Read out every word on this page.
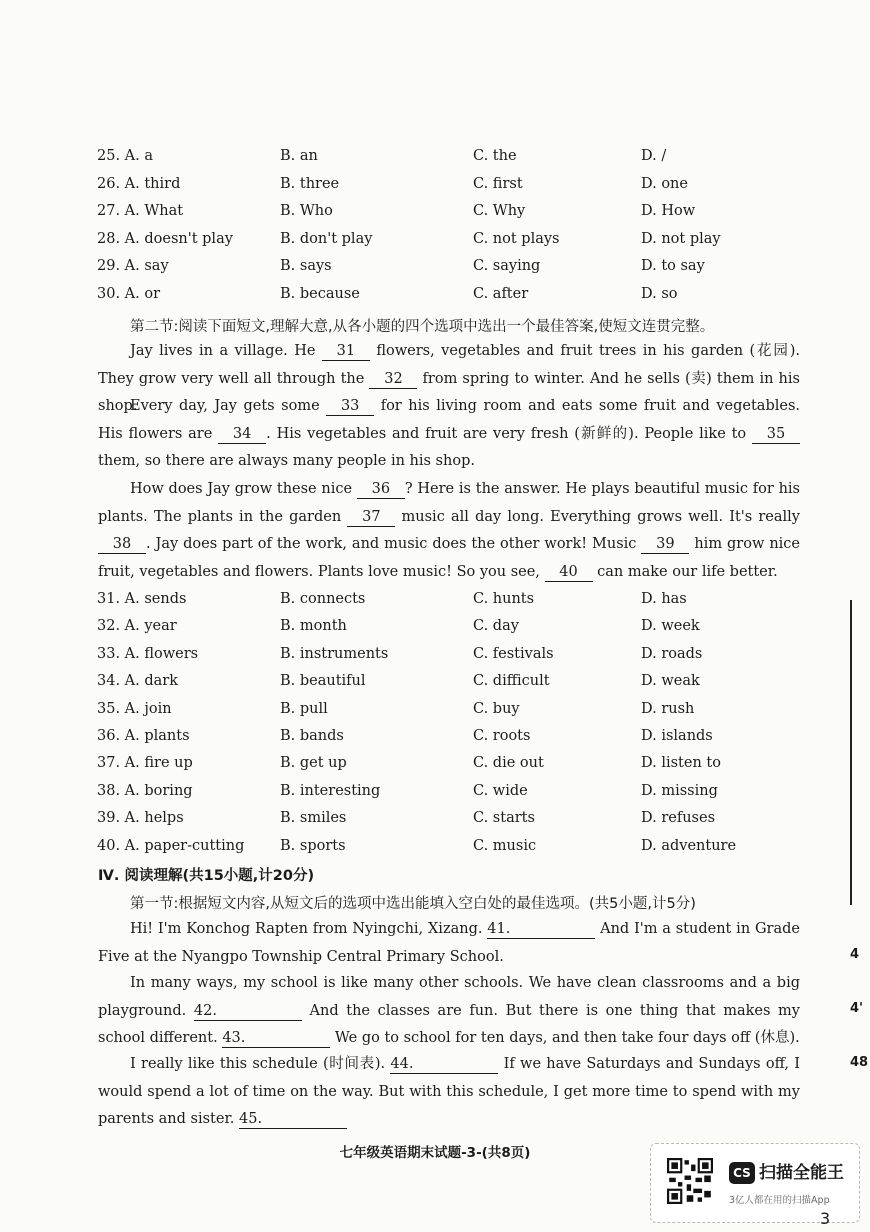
25. A. a	B. an	C. the	D. /
26. A. third	B. three	C. first	D. one
27. A. What	B. Who	C. Why	D. How
28. A. doesn't play	B. don't play	C. not plays	D. not play
29. A. say	B. says	C. saying	D. to say
30. A. or	B. because	C. after	D. so
第二节:阅读下面短文,理解大意,从各小题的四个选项中选出一个最佳答案,使短文连贯完整。
Jay lives in a village. He 31 flowers, vegetables and fruit trees in his garden (花园). They grow very well all through the 32 from spring to winter. And he sells (卖) them in his shop.
Every day, Jay gets some 33 for his living room and eats some fruit and vegetables. His flowers are 34 . His vegetables and fruit are very fresh (新鲜的). People like to 35 them, so there are always many people in his shop.
How does Jay grow these nice 36 ? Here is the answer. He plays beautiful music for his plants. The plants in the garden 37 music all day long. Everything grows well. It's really 38 . Jay does part of the work, and music does the other work! Music 39 him grow nice fruit, vegetables and flowers. Plants love music! So you see, 40 can make our life better.
31. A. sends	B. connects	C. hunts	D. has
32. A. year	B. month	C. day	D. week
33. A. flowers	B. instruments	C. festivals	D. roads
34. A. dark	B. beautiful	C. difficult	D. weak
35. A. join	B. pull	C. buy	D. rush
36. A. plants	B. bands	C. roots	D. islands
37. A. fire up	B. get up	C. die out	D. listen to
38. A. boring	B. interesting	C. wide	D. missing
39. A. helps	B. smiles	C. starts	D. refuses
40. A. paper-cutting B. sports	C. music	D. adventure
Ⅳ. 阅读理解(共15小题,计20分)
第一节:根据短文内容,从短文后的选项中选出能填入空白处的最佳选项。(共5小题,计5分)
Hi! I'm Konchog Rapten from Nyingchi, Xizang. 41.	And I'm a student in Grade Five at the Nyangpo Township Central Primary School.
In many ways, my school is like many other schools. We have clean classrooms and a big playground. 42.	And the classes are fun. But there is one thing that makes my school different. 43.	We go to school for ten days, and then take four days off (休息).
I really like this schedule (时间表). 44.	If we have Saturdays and Sundays off, I would spend a lot of time on the way. But with this schedule, I get more time to spend with my parents and sister. 45.
七年级英语期末试题-3-(共8页)
4
4'
48
CS 扫描全能王
3亿人都在用的扫描App
3
